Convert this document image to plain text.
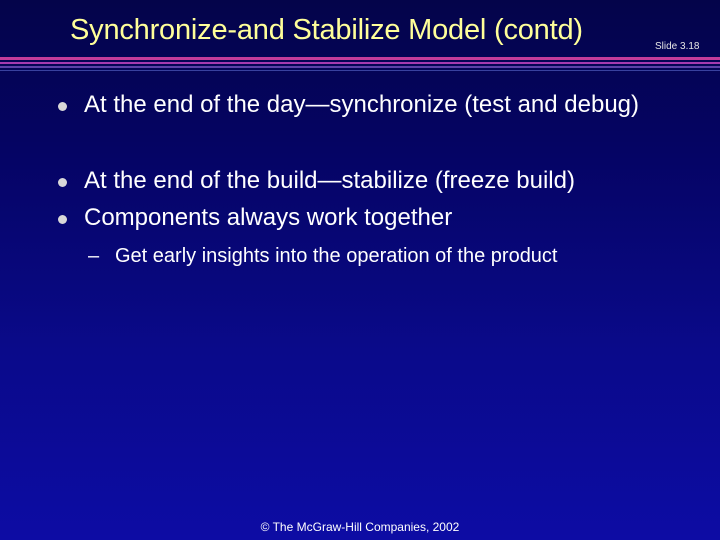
Synchronize-and Stabilize Model (contd)
Slide 3.18
At the end of the day—synchronize (test and debug)
At the end of the build—stabilize (freeze build)
Components always work together
– Get early insights into the operation of the product
© The McGraw-Hill Companies, 2002
